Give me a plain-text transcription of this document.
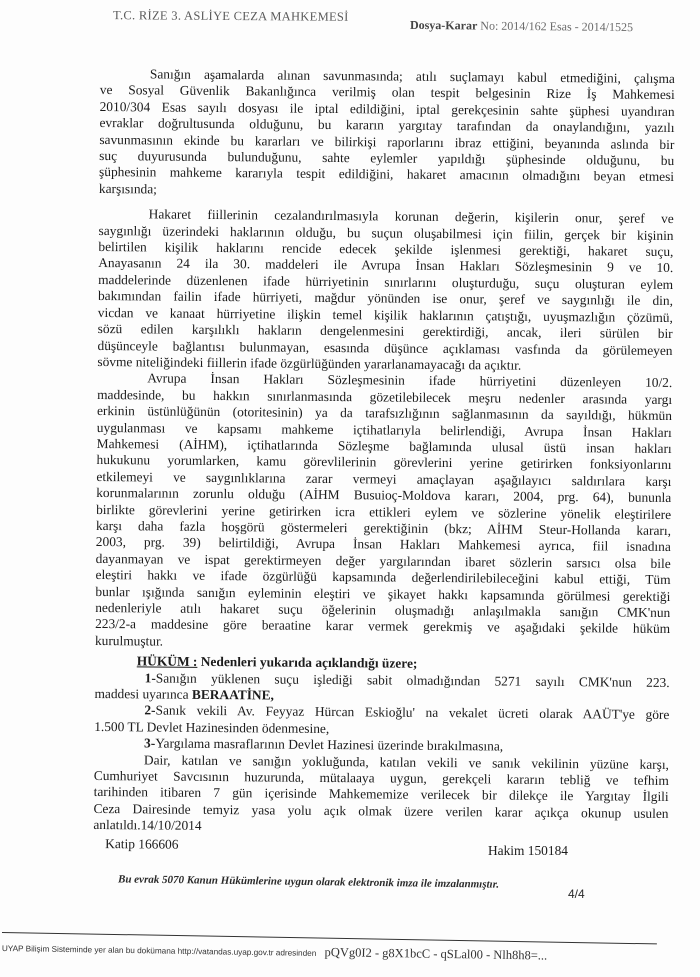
T.C. RİZE 3. ASLİYE CEZA MAHKEMESİ
Dosya-Karar No: 2014/162 Esas - 2014/1525
Sanığın aşamalarda alınan savunmasında; atılı suçlamayı kabul etmediğini, çalışma
ve Sosyal Güvenlik Bakanlığınca verilmiş olan tespit belgesinin Rize İş Mahkemesi
2010/304 Esas sayılı dosyası ile iptal edildiğini, iptal gerekçesinin sahte şüphesi uyandıran
evraklar doğrultusunda olduğunu, bu kararın yargıtay tarafından da onaylandığını, yazılı
savunmasının ekinde bu kararları ve bilirkişi raporlarını ibraz ettiğini, beyanında aslında bir
suç duyurusunda bulunduğunu, sahte eylemler yapıldığı şüphesinde olduğunu, bu
şüphesinin mahkeme kararıyla tespit edildiğini, hakaret amacının olmadığını beyan etmesi
karşısında;
Hakaret fiillerinin cezalandırılmasıyla korunan değerin, kişilerin onur, şeref ve
saygınlığı üzerindeki haklarının olduğu, bu suçun oluşabilmesi için fiilin, gerçek bir kişinin
belirtilen kişilik haklarını rencide edecek şekilde işlenmesi gerektiği, hakaret suçu,
Anayasanın 24 ila 30. maddeleri ile Avrupa İnsan Hakları Sözleşmesinin 9 ve 10.
maddelerinde düzenlenen ifade hürriyetinin sınırlarını oluşturduğu, suçu oluşturan eylem
bakımından failin ifade hürriyeti, mağdur yönünden ise onur, şeref ve saygınlığı ile din,
vicdan ve kanaat hürriyetine ilişkin temel kişilik haklarının çatıştığı, uyuşmazlığın çözümü,
sözü edilen karşılıklı hakların dengelenmesini gerektirdiği, ancak, ileri sürülen bir
düşünceyle bağlantısı bulunmayan, esasında düşünce açıklaması vasfında da görülemeyen
sövme niteliğindeki fiillerin ifade özgürlüğünden yararlanamayacağı da açıktır.
Avrupa İnsan Hakları Sözleşmesinin ifade hürriyetini düzenleyen 10/2.
maddesinde, bu hakkın sınırlanmasında gözetilebilecek meşru nedenler arasında yargı
erkinin üstünlüğünün (otoritesinin) ya da tarafsızlığının sağlanmasının da sayıldığı, hükmün
uygulanması ve kapsamı mahkeme içtihatlarıyla belirlendiği, Avrupa İnsan Hakları
Mahkemesi (AİHM), içtihatlarında Sözleşme bağlamında ulusal üstü insan hakları
hukukunu yorumlarken, kamu görevlilerinin görevlerini yerine getirirken fonksiyonlarını
etkilemeyi ve saygınlıklarına zarar vermeyi amaçlayan aşağılayıcı saldırılara karşı
korunmalarının zorunlu olduğu (AİHM Busuioç-Moldova kararı, 2004, prg. 64), bununla
birlikte görevlerini yerine getirirken icra ettikleri eylem ve sözlerine yönelik eleştirilere
karşı daha fazla hoşgörü göstermeleri gerektiğinin (bkz; AİHM Steur-Hollanda kararı,
2003, prg. 39) belirtildiği, Avrupa İnsan Hakları Mahkemesi ayrıca, fiil isnadına
dayanmayan ve ispat gerektirmeyen değer yargılarından ibaret sözlerin sarsıcı olsa bile
eleştiri hakkı ve ifade özgürlüğü kapsamında değerlendirilebileceğini kabul ettiği, Tüm
bunlar ışığında sanığın eyleminin eleştiri ve şikayet hakkı kapsamında görülmesi gerektiği
nedenleriyle atılı hakaret suçu öğelerinin oluşmadığı anlaşılmakla sanığın CMK'nun
223/2-a maddesine göre beraatine karar vermek gerekmiş ve aşağıdaki şekilde hüküm
kurulmuştur.
HÜKÜM : Nedenleri yukarıda açıklandığı üzere;
1-Sanığın yüklenen suçu işlediği sabit olmadığından 5271 sayılı CMK'nun 223.
maddesi uyarınca BERAATİNE,
2-Sanık vekili Av. Feyyaz Hürcan Eskioğlu' na vekalet ücreti olarak AAÜT'ye göre
1.500 TL Devlet Hazinesinden ödenmesine,
3-Yargılama masraflarının Devlet Hazinesi üzerinde bırakılmasına,
Dair, katılan ve sanığın yokluğunda, katılan vekili ve sanık vekilinin yüzüne karşı,
Cumhuriyet Savcısının huzurunda, mütalaaya uygun, gerekçeli kararın tebliğ ve tefhim
tarihinden itibaren 7 gün içerisinde Mahkememize verilecek bir dilekçe ile Yargıtay İlgili
Ceza Dairesinde temyiz yasa yolu açık olmak üzere verilen karar açıkça okunup usulen
anlatıldı.14/10/2014
Katip 166606	Hakim 150184
Bu evrak 5070 Kanun Hükümlerine uygun olarak elektronik imza ile imzalanmıştır.
4/4
UYAP Bilişim Sisteminde yer alan bu dokümana http://vatandas.uyap.gov.tr adresinden pQVg0I2 - g8X1bcC - qSLal00 - Nlh8h8=...
